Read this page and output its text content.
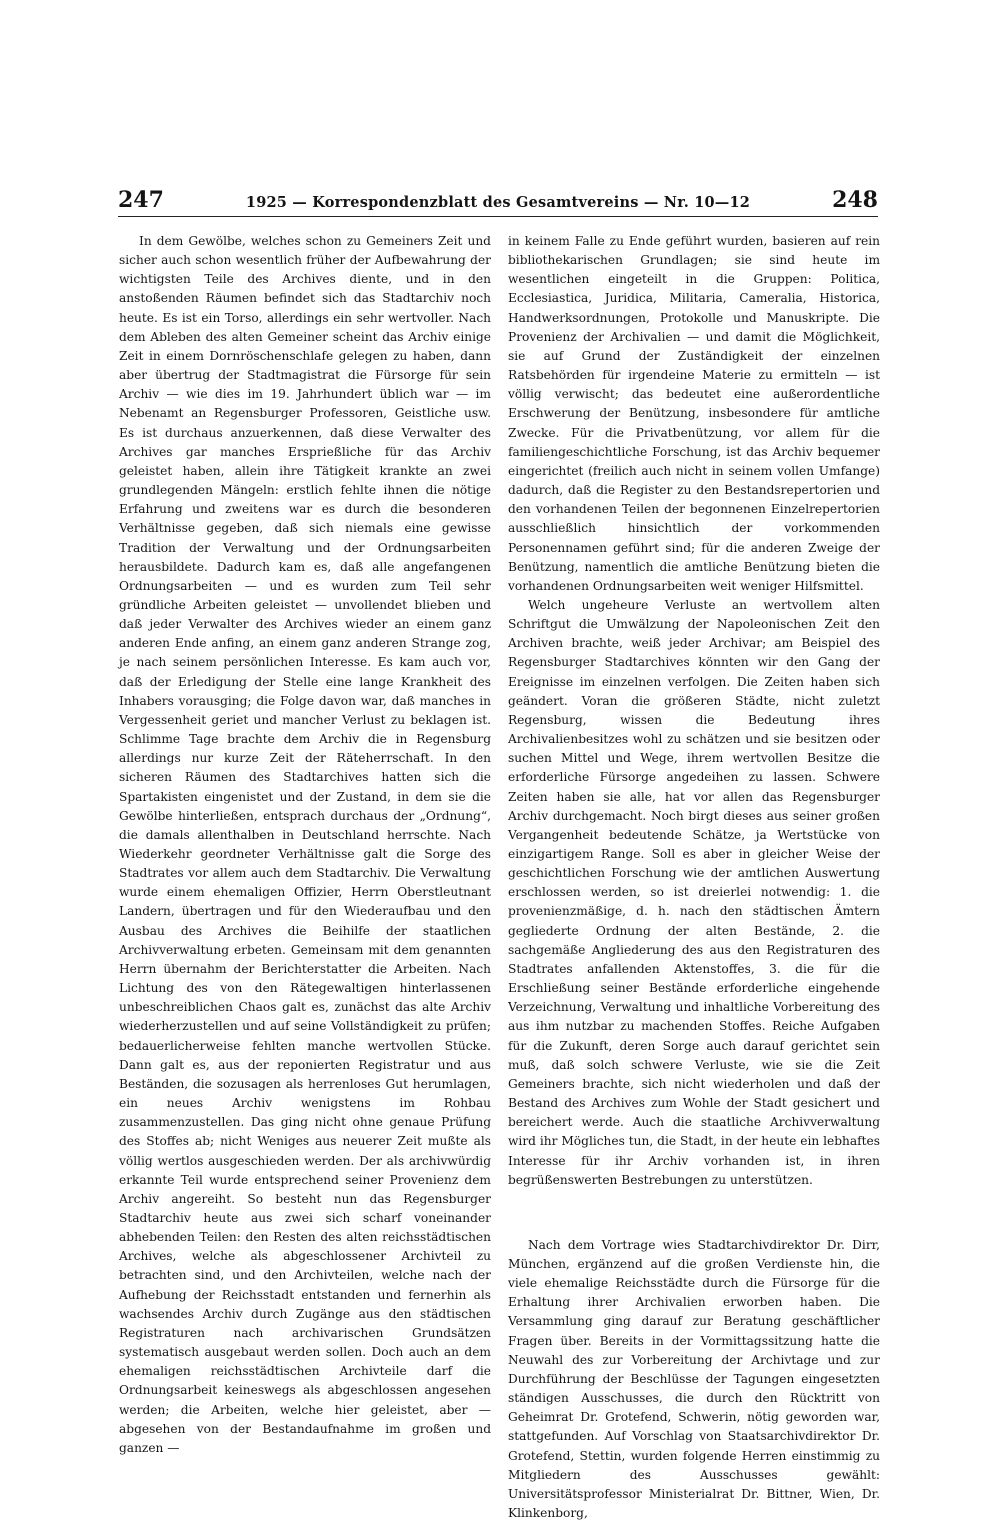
247	1925 — Korrespondenzblatt des Gesamtvereins — Nr. 10—12	248

In dem Gewölbe, welches schon zu Gemeiners Zeit und sicher auch schon wesentlich früher der Aufbewahrung der wichtigsten Teile des Archives diente, und in den anstoßenden Räumen befindet sich das Stadtarchiv noch heute. Es ist ein Torso, allerdings ein sehr wertvoller. Nach dem Ableben des alten Gemeiner scheint das Archiv einige Zeit in einem Dornröschenschlafe gelegen zu haben, dann aber übertrug der Stadtmagistrat die Fürsorge für sein Archiv — wie dies im 19. Jahrhundert üblich war — im Nebenamt an Regensburger Professoren, Geistliche usw. Es ist durchaus anzuerkennen, daß diese Verwalter des Archives gar manches Ersprießliche für das Archiv geleistet haben, allein ihre Tätigkeit krankte an zwei grundlegenden Mängeln: erstlich fehlte ihnen die nötige Erfahrung und zweitens war es durch die besonderen Verhältnisse gegeben, daß sich niemals eine gewisse Tradition der Verwaltung und der Ordnungsarbeiten herausbildete. Dadurch kam es, daß alle angefangenen Ordnungsarbeiten — und es wurden zum Teil sehr gründliche Arbeiten geleistet — unvollendet blieben und daß jeder Verwalter des Archives wieder an einem ganz anderen Ende anfing, an einem ganz anderen Strange zog, je nach seinem persönlichen Interesse. Es kam auch vor, daß der Erledigung der Stelle eine lange Krankheit des Inhabers vorausging; die Folge davon war, daß manches in Vergessenheit geriet und mancher Verlust zu beklagen ist. Schlimme Tage brachte dem Archiv die in Regensburg allerdings nur kurze Zeit der Räteherrschaft. In den sicheren Räumen des Stadtarchives hatten sich die Spartakisten eingenistet und der Zustand, in dem sie die Gewölbe hinterließen, entsprach durchaus der „Ordnung“, die damals allenthalben in Deutschland herrschte. Nach Wiederkehr geordneter Verhältnisse galt die Sorge des Stadtrates vor allem auch dem Stadtarchiv. Die Verwaltung wurde einem ehemaligen Offizier, Herrn Oberstleutnant Landern, übertragen und für den Wiederaufbau und den Ausbau des Archives die Beihilfe der staatlichen Archivverwaltung erbeten. Gemeinsam mit dem genannten Herrn übernahm der Berichterstatter die Arbeiten. Nach Lichtung des von den Rätegewaltigen hinterlassenen unbeschreiblichen Chaos galt es, zunächst das alte Archiv wiederherzustellen und auf seine Vollständigkeit zu prüfen; bedauerlicherweise fehlten manche wertvollen Stücke. Dann galt es, aus der reponierten Registratur und aus Beständen, die sozusagen als herrenloses Gut herumlagen, ein neues Archiv wenigstens im Rohbau zusammenzustellen. Das ging nicht ohne genaue Prüfung des Stoffes ab; nicht Weniges aus neuerer Zeit mußte als völlig wertlos ausgeschieden werden. Der als archivwürdig erkannte Teil wurde entsprechend seiner Provenienz dem Archiv angereiht. So besteht nun das Regensburger Stadtarchiv heute aus zwei sich scharf voneinander abhebenden Teilen: den Resten des alten reichsstädtischen Archives, welche als abgeschlossener Archivteil zu betrachten sind, und den Archivteilen, welche nach der Aufhebung der Reichsstadt entstanden und fernerhin als wachsendes Archiv durch Zugänge aus den städtischen Registraturen nach archivarischen Grundsätzen systematisch ausgebaut werden sollen. Doch auch an dem ehemaligen reichsstädtischen Archivteile darf die Ordnungsarbeit keineswegs als abgeschlossen angesehen werden; die Arbeiten, welche hier geleistet, aber — abgesehen von der Bestandaufnahme im großen und ganzen —

in keinem Falle zu Ende geführt wurden, basieren auf rein bibliothekarischen Grundlagen; sie sind heute im wesentlichen eingeteilt in die Gruppen: Politica, Ecclesiastica, Juridica, Militaria, Cameralia, Historica, Handwerksordnungen, Protokolle und Manuskripte. Die Provenienz der Archivalien — und damit die Möglichkeit, sie auf Grund der Zuständigkeit der einzelnen Ratsbehörden für irgendeine Materie zu ermitteln — ist völlig verwischt; das bedeutet eine außerordentliche Erschwerung der Benützung, insbesondere für amtliche Zwecke. Für die Privatbenützung, vor allem für die familiengeschichtliche Forschung, ist das Archiv bequemer eingerichtet (freilich auch nicht in seinem vollen Umfange) dadurch, daß die Register zu den Bestandsrepertorien und den vorhandenen Teilen der begonnenen Einzelrepertorien ausschließlich hinsichtlich der vorkommenden Personennamen geführt sind; für die anderen Zweige der Benützung, namentlich die amtliche Benützung bieten die vorhandenen Ordnungsarbeiten weit weniger Hilfsmittel.

Welch ungeheure Verluste an wertvollem alten Schriftgut die Umwälzung der Napoleonischen Zeit den Archiven brachte, weiß jeder Archivar; am Beispiel des Regensburger Stadtarchives könnten wir den Gang der Ereignisse im einzelnen verfolgen. Die Zeiten haben sich geändert. Voran die größeren Städte, nicht zuletzt Regensburg, wissen die Bedeutung ihres Archivalienbesitzes wohl zu schätzen und sie besitzen oder suchen Mittel und Wege, ihrem wertvollen Besitze die erforderliche Fürsorge angedeihen zu lassen. Schwere Zeiten haben sie alle, hat vor allen das Regensburger Archiv durchgemacht. Noch birgt dieses aus seiner großen Vergangenheit bedeutende Schätze, ja Wertstücke von einzigartigem Range. Soll es aber in gleicher Weise der geschichtlichen Forschung wie der amtlichen Auswertung erschlossen werden, so ist dreierlei notwendig: 1. die provenienzmäßige, d. h. nach den städtischen Ämtern gegliederte Ordnung der alten Bestände, 2. die sachgemäße Angliederung des aus den Registraturen des Stadtrates anfallenden Aktenstoffes, 3. die für die Erschließung seiner Bestände erforderliche eingehende Verzeichnung, Verwaltung und inhaltliche Vorbereitung des aus ihm nutzbar zu machenden Stoffes. Reiche Aufgaben für die Zukunft, deren Sorge auch darauf gerichtet sein muß, daß solch schwere Verluste, wie sie die Zeit Gemeiners brachte, sich nicht wiederholen und daß der Bestand des Archives zum Wohle der Stadt gesichert und bereichert werde. Auch die staatliche Archivverwaltung wird ihr Mögliches tun, die Stadt, in der heute ein lebhaftes Interesse für ihr Archiv vorhanden ist, in ihren begrüßenswerten Bestrebungen zu unterstützen.

Nach dem Vortrage wies Stadtarchivdirektor Dr. Dirr, München, ergänzend auf die großen Verdienste hin, die viele ehemalige Reichsstädte durch die Fürsorge für die Erhaltung ihrer Archivalien erworben haben. Die Versammlung ging darauf zur Beratung geschäftlicher Fragen über. Bereits in der Vormittagssitzung hatte die Neuwahl des zur Vorbereitung der Archivtage und zur Durchführung der Beschlüsse der Tagungen eingesetzten ständigen Ausschusses, die durch den Rücktritt von Geheimrat Dr. Grotefend, Schwerin, nötig geworden war, stattgefunden. Auf Vorschlag von Staatsarchivdirektor Dr. Grotefend, Stettin, wurden folgende Herren einstimmig zu Mitgliedern des Ausschusses gewählt: Universitätsprofessor Ministerialrat Dr. Bittner, Wien, Dr. Klinkenborg,
